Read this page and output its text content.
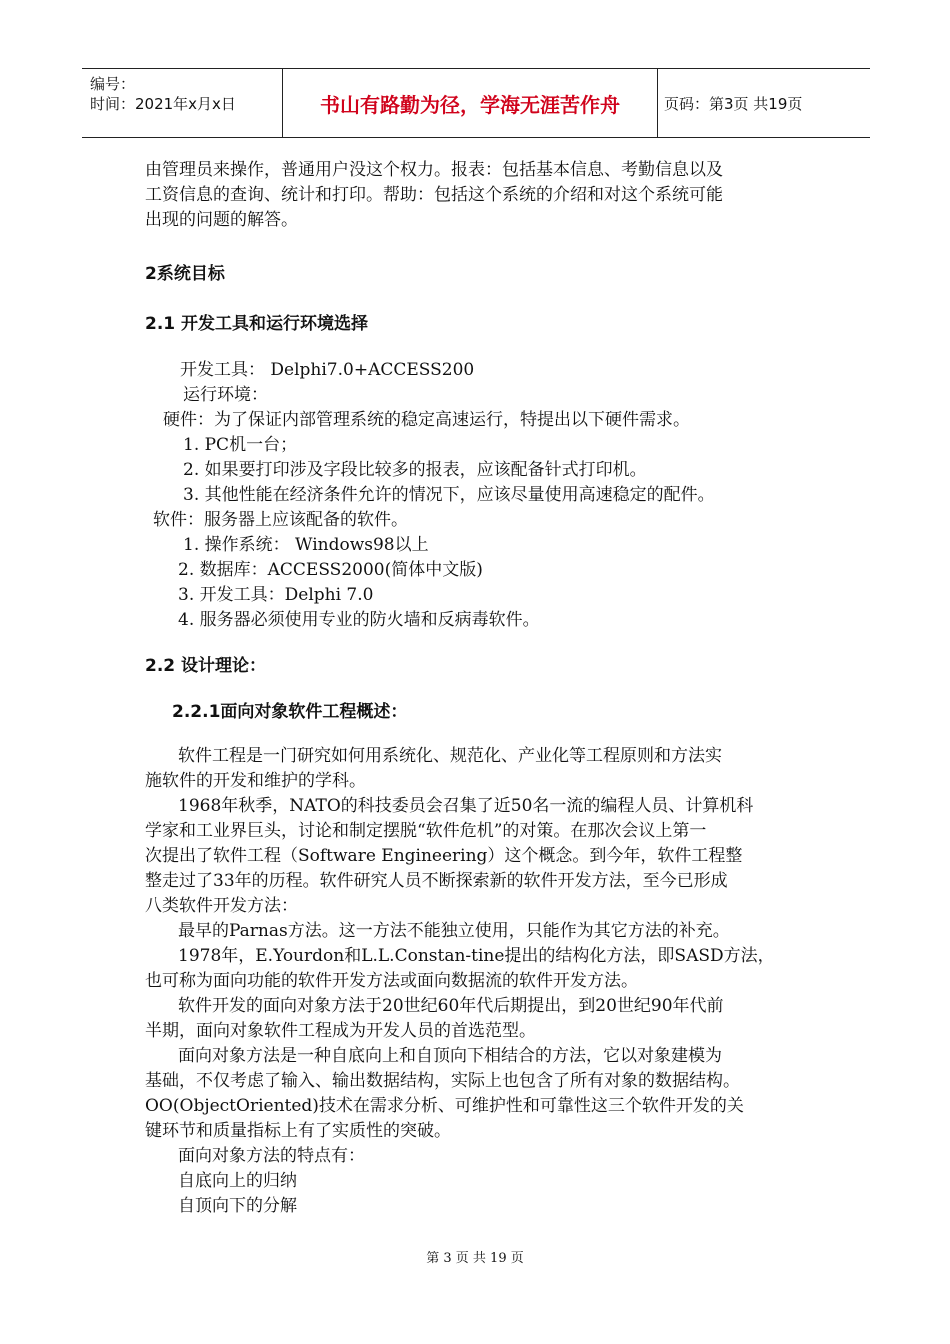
编号：
时间：2021年x月x日	书山有路勤为径，学海无涯苦作舟	页码：第3页 共19页
由管理员来操作，普通用户没这个权力。报表：包括基本信息、考勤信息以及
工资信息的查询、统计和打印。帮助：包括这个系统的介绍和对这个系统可能
出现的问题的解答。
2系统目标
2.1 开发工具和运行环境选择
开发工具： Delphi7.0+ACCESS200
运行环境：
硬件：为了保证内部管理系统的稳定高速运行，特提出以下硬件需求。
1. PC机一台；
2. 如果要打印涉及字段比较多的报表，应该配备针式打印机。
3. 其他性能在经济条件允许的情况下，应该尽量使用高速稳定的配件。
软件：服务器上应该配备的软件。
1. 操作系统： Windows98以上
2. 数据库：ACCESS2000(简体中文版)
3. 开发工具：Delphi 7.0
4. 服务器必须使用专业的防火墙和反病毒软件。
2.2 设计理论：
2.2.1面向对象软件工程概述：
软件工程是一门研究如何用系统化、规范化、产业化等工程原则和方法实
施软件的开发和维护的学科。
1968年秋季，NATO的科技委员会召集了近50名一流的编程人员、计算机科
学家和工业界巨头，讨论和制定摆脱“软件危机”的对策。在那次会议上第一
次提出了软件工程（Software Engineering）这个概念。到今年，软件工程整
整走过了33年的历程。软件研究人员不断探索新的软件开发方法，至今已形成
八类软件开发方法：
最早的Parnas方法。这一方法不能独立使用，只能作为其它方法的补充。
1978年，E.Yourdon和L.L.Constan-tine提出的结构化方法，即SASD方法，
也可称为面向功能的软件开发方法或面向数据流的软件开发方法。
软件开发的面向对象方法于20世纪60年代后期提出，到20世纪90年代前
半期，面向对象软件工程成为开发人员的首选范型。
面向对象方法是一种自底向上和自顶向下相结合的方法，它以对象建模为
基础，不仅考虑了输入、输出数据结构，实际上也包含了所有对象的数据结构。
OO(ObjectOriented)技术在需求分析、可维护性和可靠性这三个软件开发的关
键环节和质量指标上有了实质性的突破。
面向对象方法的特点有：
自底向上的归纳
自顶向下的分解
第 3 页 共 19 页
